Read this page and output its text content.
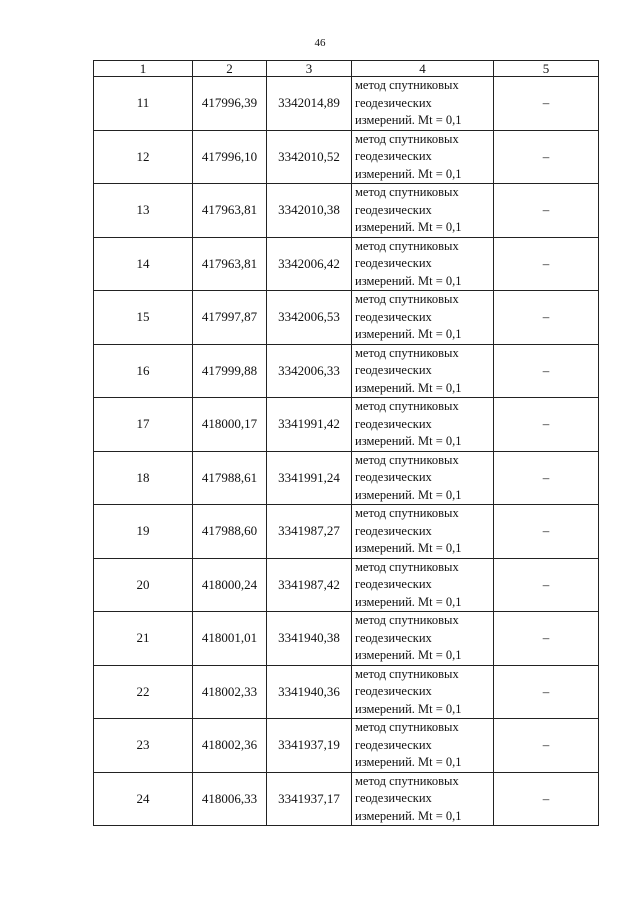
46
1	2	3	4	5
11	417996,39	3342014,89	метод спутниковых
геодезических
измерений. Mt = 0,1	–
12	417996,10	3342010,52	метод спутниковых
геодезических
измерений. Mt = 0,1	–
13	417963,81	3342010,38	метод спутниковых
геодезических
измерений. Mt = 0,1	–
14	417963,81	3342006,42	метод спутниковых
геодезических
измерений. Mt = 0,1	–
15	417997,87	3342006,53	метод спутниковых
геодезических
измерений. Mt = 0,1	–
16	417999,88	3342006,33	метод спутниковых
геодезических
измерений. Mt = 0,1	–
17	418000,17	3341991,42	метод спутниковых
геодезических
измерений. Mt = 0,1	–
18	417988,61	3341991,24	метод спутниковых
геодезических
измерений. Mt = 0,1	–
19	417988,60	3341987,27	метод спутниковых
геодезических
измерений. Mt = 0,1	–
20	418000,24	3341987,42	метод спутниковых
геодезических
измерений. Mt = 0,1	–
21	418001,01	3341940,38	метод спутниковых
геодезических
измерений. Mt = 0,1	–
22	418002,33	3341940,36	метод спутниковых
геодезических
измерений. Mt = 0,1	–
23	418002,36	3341937,19	метод спутниковых
геодезических
измерений. Mt = 0,1	–
24	418006,33	3341937,17	метод спутниковых
геодезических
измерений. Mt = 0,1	–
